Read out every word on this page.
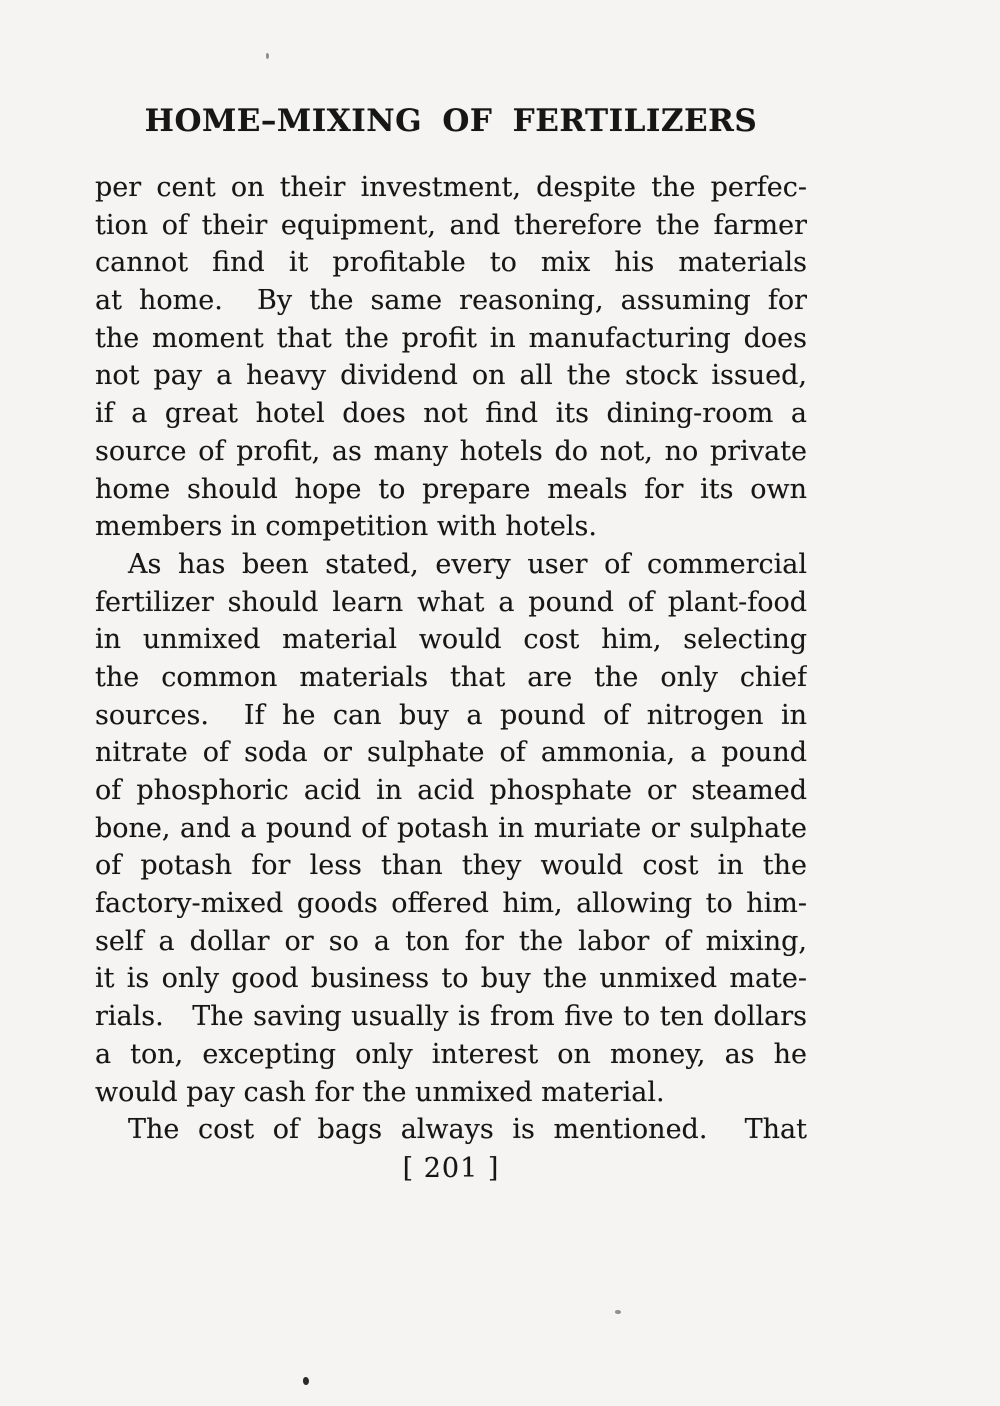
HOME–MIXING OF FERTILIZERS
per cent on their investment, despite the perfec-
tion of their equipment, and therefore the farmer
cannot find it profitable to mix his materials
at home.  By the same reasoning, assuming for
the moment that the profit in manufacturing does
not pay a heavy dividend on all the stock issued,
if a great hotel does not find its dining-room a
source of profit, as many hotels do not, no private
home should hope to prepare meals for its own
members in competition with hotels.
As has been stated, every user of commercial
fertilizer should learn what a pound of plant-food
in unmixed material would cost him, selecting
the common materials that are the only chief
sources.  If he can buy a pound of nitrogen in
nitrate of soda or sulphate of ammonia, a pound
of phosphoric acid in acid phosphate or steamed
bone, and a pound of potash in muriate or sulphate
of potash for less than they would cost in the
factory-mixed goods offered him, allowing to him-
self a dollar or so a ton for the labor of mixing,
it is only good business to buy the unmixed mate-
rials.   The saving usually is from five to ten dollars
a ton, excepting only interest on money, as he
would pay cash for the unmixed material.
The cost of bags always is mentioned.  That
[ 201 ]
